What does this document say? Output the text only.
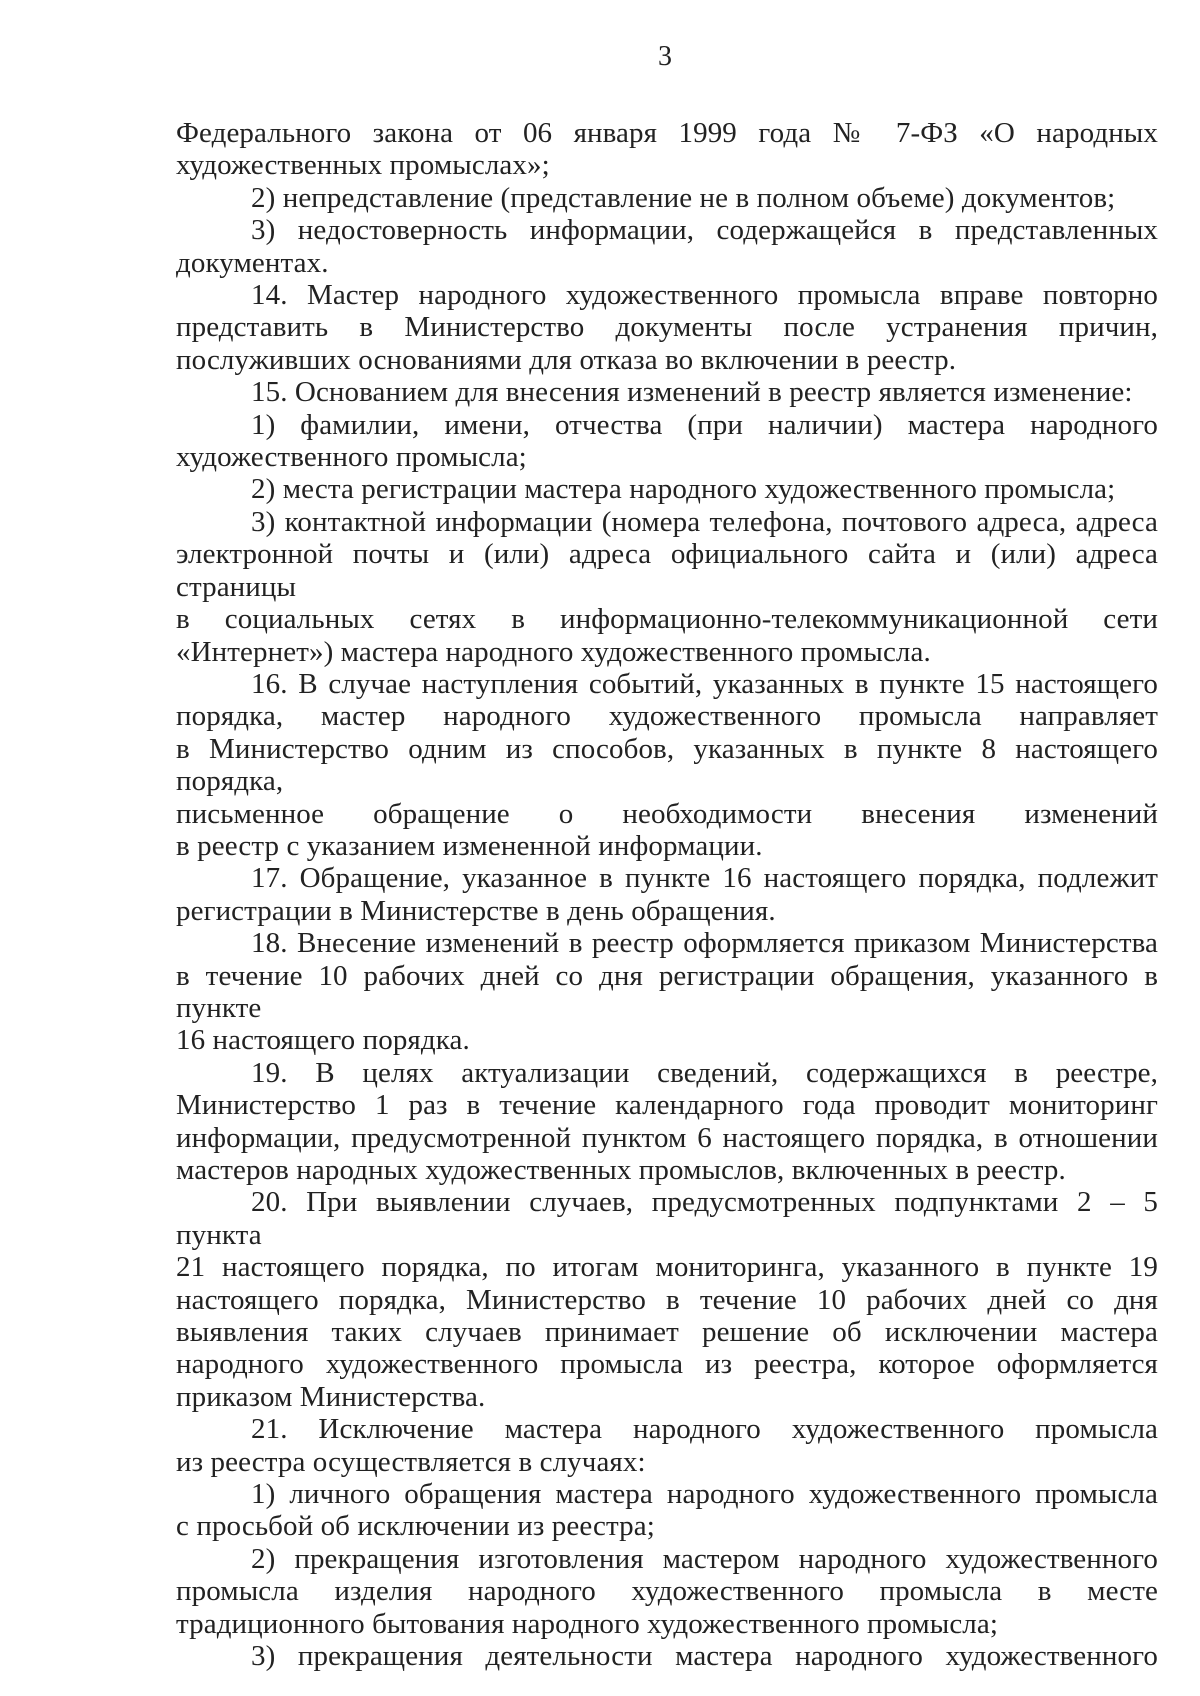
3

Федерального закона от 06 января 1999 года № 7-ФЗ «О народных

художественных промыслах»;

2) непредставление (представление не в полном объеме) документов;

3) недостоверность информации, содержащейся в представленных

документах.

14. Мастер народного художественного промысла вправе повторно

представить в Министерство документы после устранения причин,

послуживших основаниями для отказа во включении в реестр.

15. Основанием для внесения изменений в реестр является изменение:

1) фамилии, имени, отчества (при наличии) мастера народного

художественного промысла;

2) места регистрации мастера народного художественного промысла;

3) контактной информации (номера телефона, почтового адреса, адреса

электронной почты и (или) адреса официального сайта и (или) адреса страницы

в социальных сетях в информационно-телекоммуникационной сети

«Интернет») мастера народного художественного промысла.

16. В случае наступления событий, указанных в пункте 15 настоящего

порядка, мастер народного художественного промысла направляет

в Министерство одним из способов, указанных в пункте 8 настоящего порядка,

письменное обращение о необходимости внесения изменений

в реестр с указанием измененной информации.

17. Обращение, указанное в пункте 16 настоящего порядка, подлежит

регистрации в Министерстве в день обращения.

18. Внесение изменений в реестр оформляется приказом Министерства

в течение 10 рабочих дней со дня регистрации обращения, указанного в пункте

16 настоящего порядка.

19. В целях актуализации сведений, содержащихся в реестре,

Министерство 1 раз в течение календарного года проводит мониторинг

информации, предусмотренной пунктом 6 настоящего порядка, в отношении

мастеров народных художественных промыслов, включенных в реестр.

20. При выявлении случаев, предусмотренных подпунктами 2 – 5 пункта

21 настоящего порядка, по итогам мониторинга, указанного в пункте 19

настоящего порядка, Министерство в течение 10 рабочих дней со дня

выявления таких случаев принимает решение об исключении мастера

народного художественного промысла из реестра, которое оформляется

приказом Министерства.

21. Исключение мастера народного художественного промысла

из реестра осуществляется в случаях:

1) личного обращения мастера народного художественного промысла

с просьбой об исключении из реестра;

2) прекращения изготовления мастером народного художественного

промысла изделия народного художественного промысла в месте

традиционного бытования народного художественного промысла;

3) прекращения деятельности мастера народного художественного
